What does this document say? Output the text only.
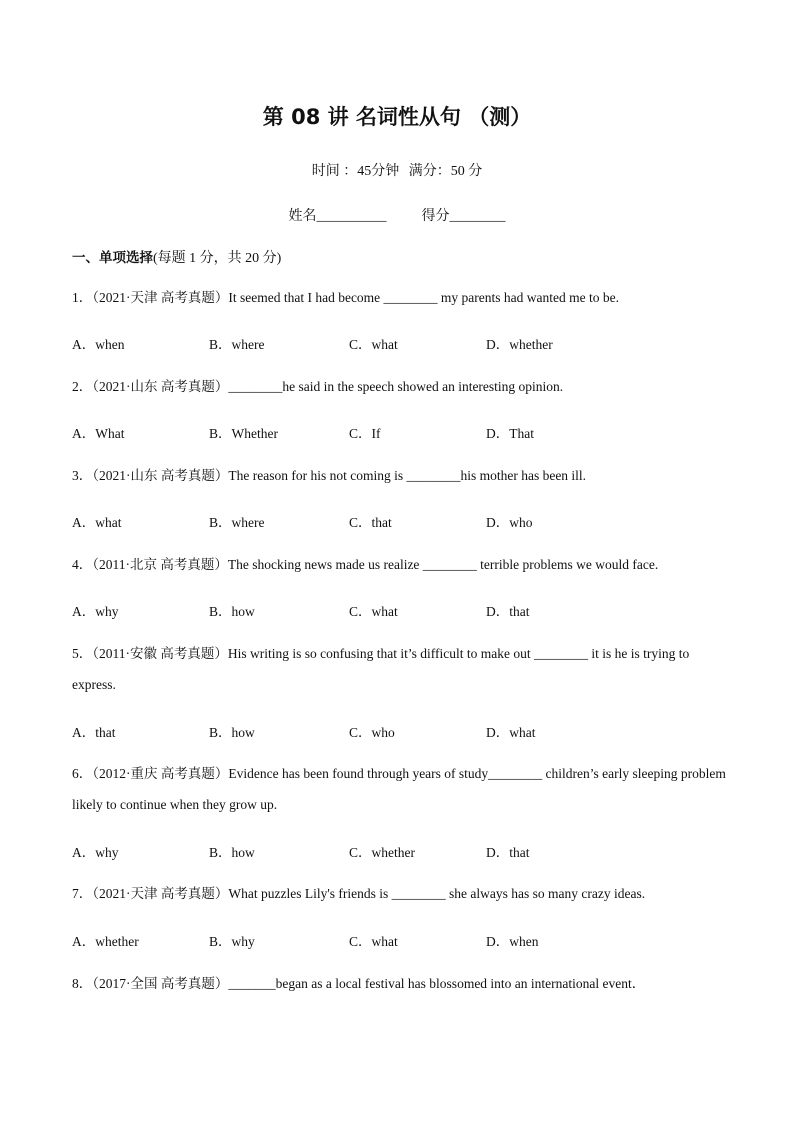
第 08 讲 名词性从句 （测）
时间 ：45分钟 满分：50 分
姓名__________	得分________
一、单项选择(每题 1 分，共 20 分)
1．（2021·天津 高考真题）It seemed that I had become ________ my parents had wanted me to be.
A．when	B．where	C．what	D．whether
2．（2021·山东 高考真题）________he said in the speech showed an interesting opinion.
A．What	B．Whether	C．If	D．That
3．（2021·山东 高考真题）The reason for his not coming is ________his mother has been ill.
A．what	B．where	C．that	D．who
4．（2011·北京 高考真题）The shocking news made us realize ________ terrible problems we would face.
A．why	B．how	C．what	D．that
5．（2011·安徽 高考真题）His writing is so confusing that it’s difficult to make out ________ it is he is trying to express.
A．that	B．how	C．who	D．what
6．（2012·重庆 高考真题）Evidence has been found through years of study________ children’s early sleeping problem likely to continue when they grow up.
A．why	B．how	C．whether	D．that
7．（2021·天津 高考真题）What puzzles Lily's friends is ________ she always has so many crazy ideas.
A．whether	B．why	C．what	D．when
8．（2017·全国 高考真题）_______began as a local festival has blossomed into an international event．
